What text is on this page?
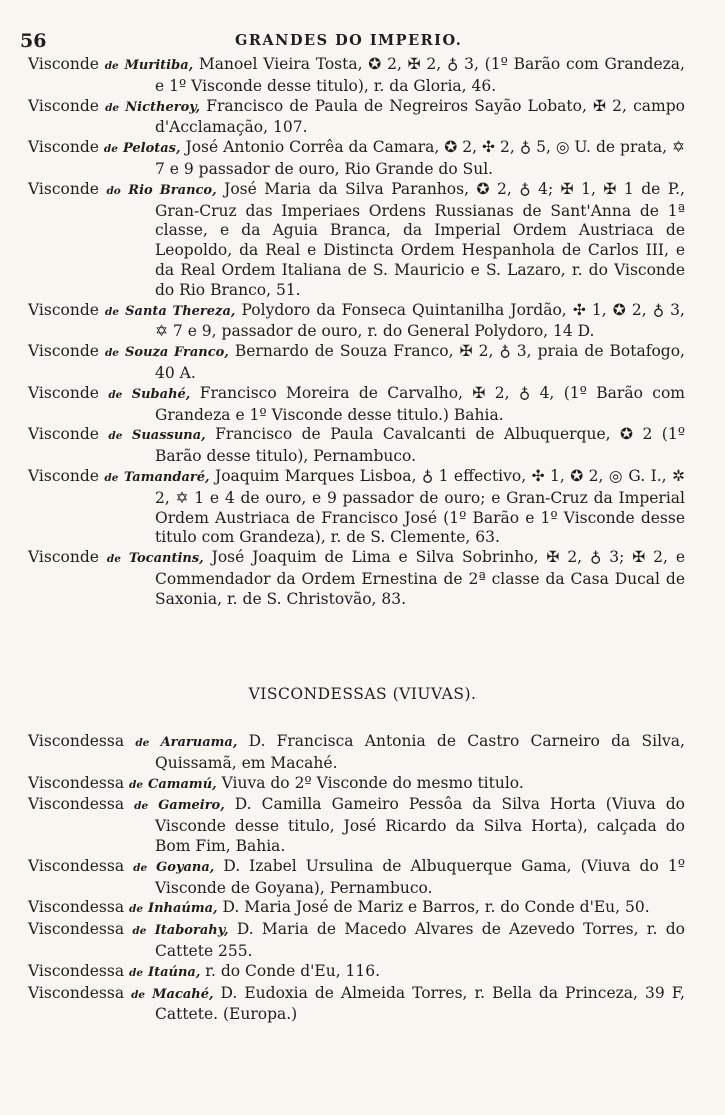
56	GRANDES DO IMPERIO.
Visconde de Muritiba, Manoel Vieira Tosta, ✪ 2, ✠ 2, ♁ 3, (1º Barão com Grandeza, e 1º Visconde desse titulo), r. da Gloria, 46.
Visconde de Nictheroy, Francisco de Paula de Negreiros Sayão Lobato, ✠ 2, campo d'Acclamação, 107.
Visconde de Pelotas, José Antonio Corrêa da Camara, ✪ 2, ✣ 2, ♁ 5, ◎ U. de prata, ✡ 7 e 9 passador de ouro, Rio Grande do Sul.
Visconde do Rio Branco, José Maria da Silva Paranhos, ✪ 2, ♁ 4; ✠ 1, ✠ 1 de P., Gran-Cruz das Imperiaes Ordens Russianas de Sant'Anna de 1ª classe, e da Aguia Branca, da Imperial Ordem Austriaca de Leopoldo, da Real e Distincta Ordem Hespanhola de Carlos III, e da Real Ordem Italiana de S. Mauricio e S. Lazaro, r. do Visconde do Rio Branco, 51.
Visconde de Santa Thereza, Polydoro da Fonseca Quintanilha Jordão, ✣ 1, ✪ 2, ♁ 3, ✡ 7 e 9, passador de ouro, r. do General Polydoro, 14 D.
Visconde de Souza Franco, Bernardo de Souza Franco, ✠ 2, ♁ 3, praia de Botafogo, 40 A.
Visconde de Subahé, Francisco Moreira de Carvalho, ✠ 2, ♁ 4, (1º Barão com Grandeza e 1º Visconde desse titulo.) Bahia.
Visconde de Suassuna, Francisco de Paula Cavalcanti de Albuquerque, ✪ 2 (1º Barão desse titulo), Pernambuco.
Visconde de Tamandaré, Joaquim Marques Lisboa, ♁ 1 effectivo, ✣ 1, ✪ 2, ◎ G. I., ✲ 2, ✡ 1 e 4 de ouro, e 9 passador de ouro; e Gran-Cruz da Imperial Ordem Austriaca de Francisco José (1º Barão e 1º Visconde desse titulo com Grandeza), r. de S. Clemente, 63.
Visconde de Tocantins, José Joaquim de Lima e Silva Sobrinho, ✠ 2, ♁ 3; ✠ 2, e Commendador da Ordem Ernestina de 2ª classe da Casa Ducal de Saxonia, r. de S. Christovão, 83.
VISCONDESSAS (VIUVAS).
Viscondessa de Araruama, D. Francisca Antonia de Castro Carneiro da Silva, Quissamã, em Macahé.
Viscondessa de Camamú, Viuva do 2º Visconde do mesmo titulo.
Viscondessa de Gameiro, D. Camilla Gameiro Pessôa da Silva Horta (Viuva do Visconde desse titulo, José Ricardo da Silva Horta), calçada do Bom Fim, Bahia.
Viscondessa de Goyana, D. Izabel Ursulina de Albuquerque Gama, (Viuva do 1º Visconde de Goyana), Pernambuco.
Viscondessa de Inhaúma, D. Maria José de Mariz e Barros, r. do Conde d'Eu, 50.
Viscondessa de Itaborahy, D. Maria de Macedo Alvares de Azevedo Torres, r. do Cattete 255.
Viscondessa de Itaúna, r. do Conde d'Eu, 116.
Viscondessa de Macahé, D. Eudoxia de Almeida Torres, r. Bella da Princeza, 39 F, Cattete. (Europa.)
